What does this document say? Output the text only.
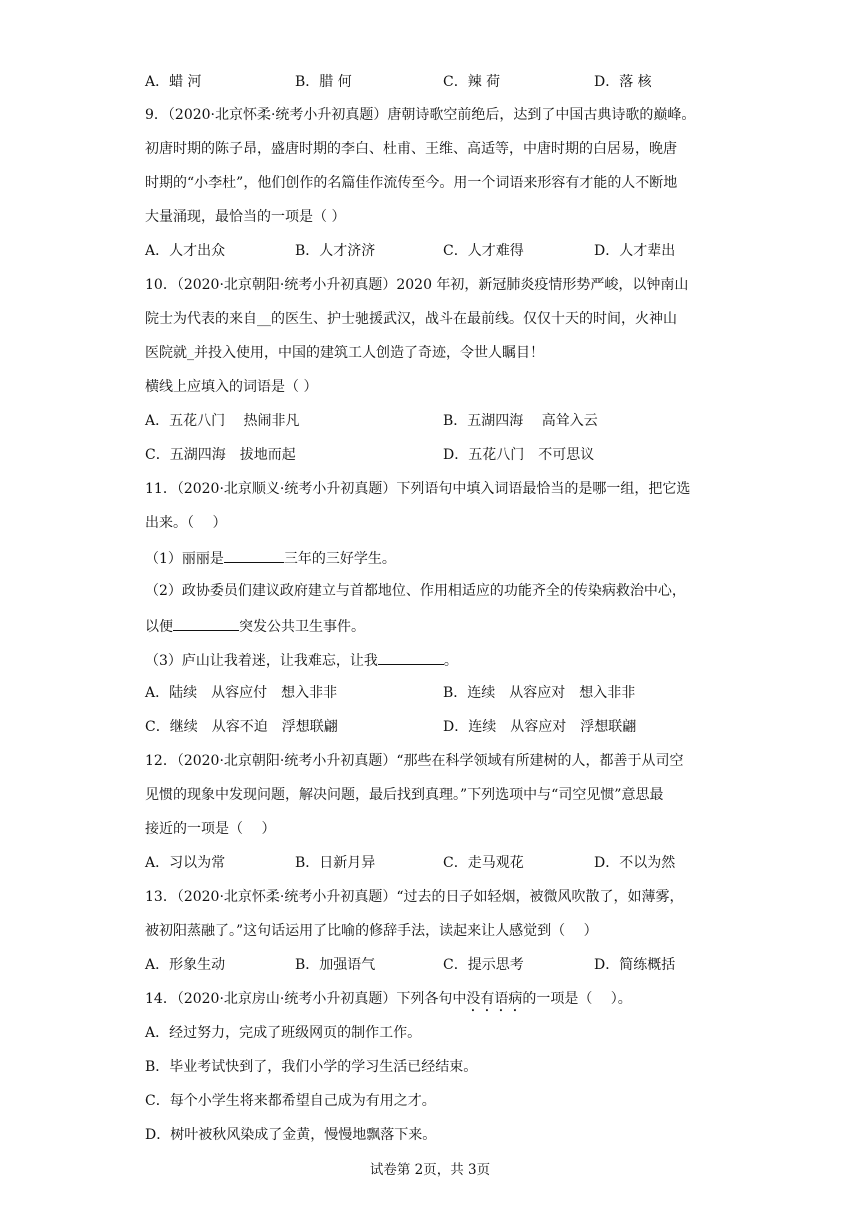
A．蜡 河	B．腊 何	C．辣 荷	D．落 核
9．（2020·北京怀柔·统考小升初真题）唐朝诗歌空前绝后，达到了中国古典诗歌的巅峰。
初唐时期的陈子昂，盛唐时期的李白、杜甫、王维、高适等，中唐时期的白居易，晚唐
时期的“小李杜”，他们创作的名篇佳作流传至今。用一个词语来形容有才能的人不断地
大量涌现，最恰当的一项是（ ）
A．人才出众	B．人才济济	C．人才难得	D．人才辈出
10．（2020·北京朝阳·统考小升初真题）2020 年初，新冠肺炎疫情形势严峻，以钟南山
院士为代表的来自__的医生、护士驰援武汉，战斗在最前线。仅仅十天的时间，火神山
医院就_并投入使用，中国的建筑工人创造了奇迹，令世人瞩目！
横线上应填入的词语是（ ）
A．五花八门　 热闹非凡	B．五湖四海　 高耸入云
C．五湖四海　拔地而起	D．五花八门　不可思议
11．（2020·北京顺义·统考小升初真题）下列语句中填入词语最恰当的是哪一组，把它选
出来。（　 ）
（1）丽丽是	三年的三好学生。
（2）政协委员们建议政府建立与首都地位、作用相适应的功能齐全的传染病救治中心，
以便	突发公共卫生事件。
（3）庐山让我着迷，让我难忘，让我	。
A．陆续　从容应付　想入非非	B．连续　从容应对　想入非非
C．继续　从容不迫　浮想联翩	D．连续　从容应对　浮想联翩
12．（2020·北京朝阳·统考小升初真题）“那些在科学领域有所建树的人，都善于从司空
见惯的现象中发现问题，解决问题，最后找到真理。”下列选项中与“司空见惯”意思最
接近的一项是（　 ）
A．习以为常	B．日新月异	C．走马观花	D．不以为然
13．（2020·北京怀柔·统考小升初真题）“过去的日子如轻烟，被微风吹散了，如薄雾，
被初阳蒸融了。”这句话运用了比喻的修辞手法，读起来让人感觉到（　 ）
A．形象生动	B．加强语气	C．提示思考	D．简练概括
14．（2020·北京房山·统考小升初真题）下列各句中没有语病的一项是（　 ）。
A．经过努力，完成了班级网页的制作工作。
B．毕业考试快到了，我们小学的学习生活已经结束。
C．每个小学生将来都希望自己成为有用之才。
D．树叶被秋风染成了金黄，慢慢地飘落下来。
试卷第 2页，共 3页
